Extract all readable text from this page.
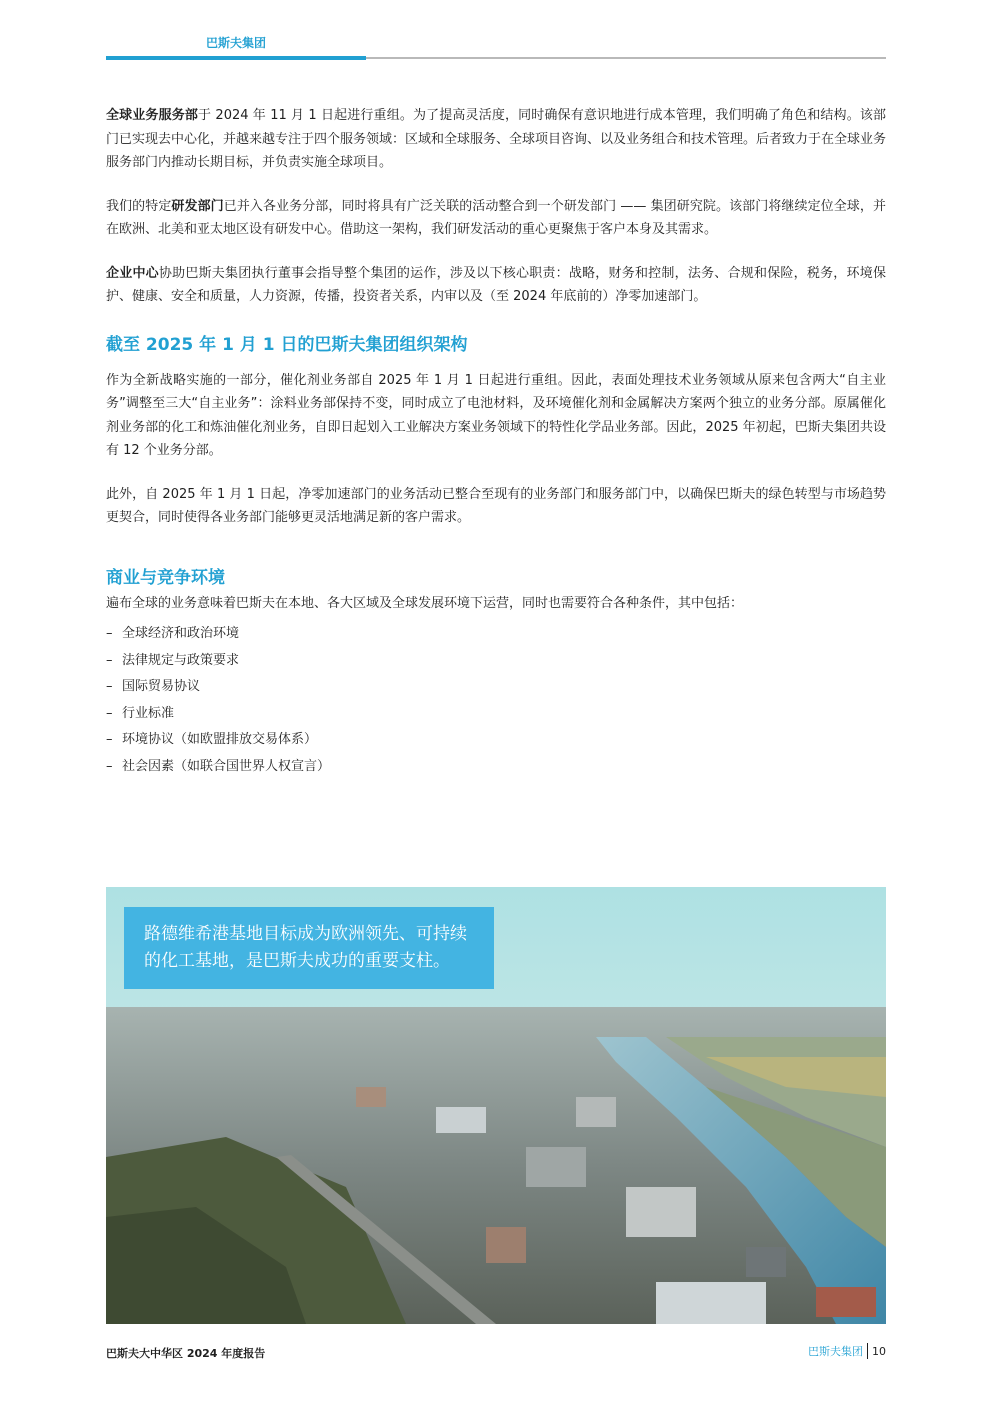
巴斯夫集团

全球业务服务部于 2024 年 11 月 1 日起进行重组。为了提高灵活度，同时确保有意识地进行成本管理，我们明确了角色和结构。该部门已实现去中心化，并越来越专注于四个服务领域：区域和全球服务、全球项目咨询、以及业务组合和技术管理。后者致力于在全球业务服务部门内推动长期目标，并负责实施全球项目。

我们的特定研发部门已并入各业务分部，同时将具有广泛关联的活动整合到一个研发部门 —— 集团研究院。该部门将继续定位全球，并在欧洲、北美和亚太地区设有研发中心。借助这一架构，我们研发活动的重心更聚焦于客户本身及其需求。

企业中心协助巴斯夫集团执行董事会指导整个集团的运作，涉及以下核心职责：战略，财务和控制，法务、合规和保险，税务，环境保护、健康、安全和质量，人力资源，传播，投资者关系，内审以及（至 2024 年底前的）净零加速部门。

截至 2025 年 1 月 1 日的巴斯夫集团组织架构

作为全新战略实施的一部分，催化剂业务部自 2025 年 1 月 1 日起进行重组。因此，表面处理技术业务领域从原来包含两大“自主业务”调整至三大“自主业务”：涂料业务部保持不变，同时成立了电池材料，及环境催化剂和金属解决方案两个独立的业务分部。原属催化剂业务部的化工和炼油催化剂业务，自即日起划入工业解决方案业务领域下的特性化学品业务部。因此，2025 年初起，巴斯夫集团共设有 12 个业务分部。

此外，自 2025 年 1 月 1 日起，净零加速部门的业务活动已整合至现有的业务部门和服务部门中，以确保巴斯夫的绿色转型与市场趋势更契合，同时使得各业务部门能够更灵活地满足新的客户需求。

商业与竞争环境

遍布全球的业务意味着巴斯夫在本地、各大区域及全球发展环境下运营，同时也需要符合各种条件，其中包括：

– 全球经济和政治环境
– 法律规定与政策要求
– 国际贸易协议
– 行业标准
– 环境协议（如欧盟排放交易体系）
– 社会因素（如联合国世界人权宣言）
路德维希港基地目标成为欧洲领先、可持续的化工基地，是巴斯夫成功的重要支柱。
巴斯夫大中华区 2024 年度报告	巴斯夫集团 10
